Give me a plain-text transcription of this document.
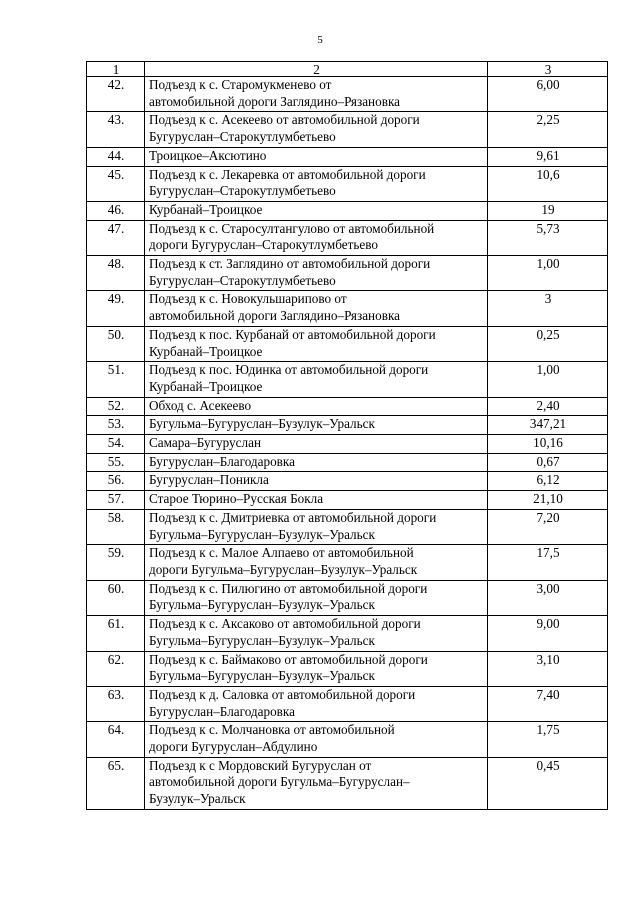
5
1	2	3
42.	Подъезд к с. Старомукменево от
автомобильной дороги Заглядино–Рязановка	6,00
43.	Подъезд к с. Асекеево от автомобильной дороги
Бугуруслан–Старокутлумбетьево	2,25
44.	Троицкое–Аксютино	9,61
45.	Подъезд к с. Лекаревка от автомобильной дороги
Бугуруслан–Старокутлумбетьево	10,6
46.	Курбанай–Троицкое	19
47.	Подъезд к с. Старосултангулово от автомобильной
дороги Бугуруслан–Старокутлумбетьево	5,73
48.	Подъезд к ст. Заглядино от автомобильной дороги
Бугуруслан–Старокутлумбетьево	1,00
49.	Подъезд к с. Новокульшарипово от
автомобильной дороги Заглядино–Рязановка	3
50.	Подъезд к пос. Курбанай от автомобильной дороги
Курбанай–Троицкое	0,25
51.	Подъезд к пос. Юдинка от автомобильной дороги
Курбанай–Троицкое	1,00
52.	Обход с. Асекеево	2,40
53.	Бугульма–Бугуруслан–Бузулук–Уральск	347,21
54.	Самара–Бугуруслан	10,16
55.	Бугуруслан–Благодаровка	0,67
56.	Бугуруслан–Поникла	6,12
57.	Старое Тюрино–Русская Бокла	21,10
58.	Подъезд к с. Дмитриевка от автомобильной дороги
Бугульма–Бугуруслан–Бузулук–Уральск	7,20
59.	Подъезд к с. Малое Алпаево от автомобильной
дороги Бугульма–Бугуруслан–Бузулук–Уральск	17,5
60.	Подъезд к с. Пилюгино от автомобильной дороги
Бугульма–Бугуруслан–Бузулук–Уральск	3,00
61.	Подъезд к с. Аксаково от автомобильной дороги
Бугульма–Бугуруслан–Бузулук–Уральск	9,00
62.	Подъезд к с. Баймаково от автомобильной дороги
Бугульма–Бугуруслан–Бузулук–Уральск	3,10
63.	Подъезд к д. Саловка от автомобильной дороги
Бугуруслан–Благодаровка	7,40
64.	Подъезд к с. Молчановка от автомобильной
дороги Бугуруслан–Абдулино	1,75
65.	Подъезд к с Мордовский Бугуруслан от
автомобильной дороги Бугульма–Бугуруслан–
Бузулук–Уральск	0,45
